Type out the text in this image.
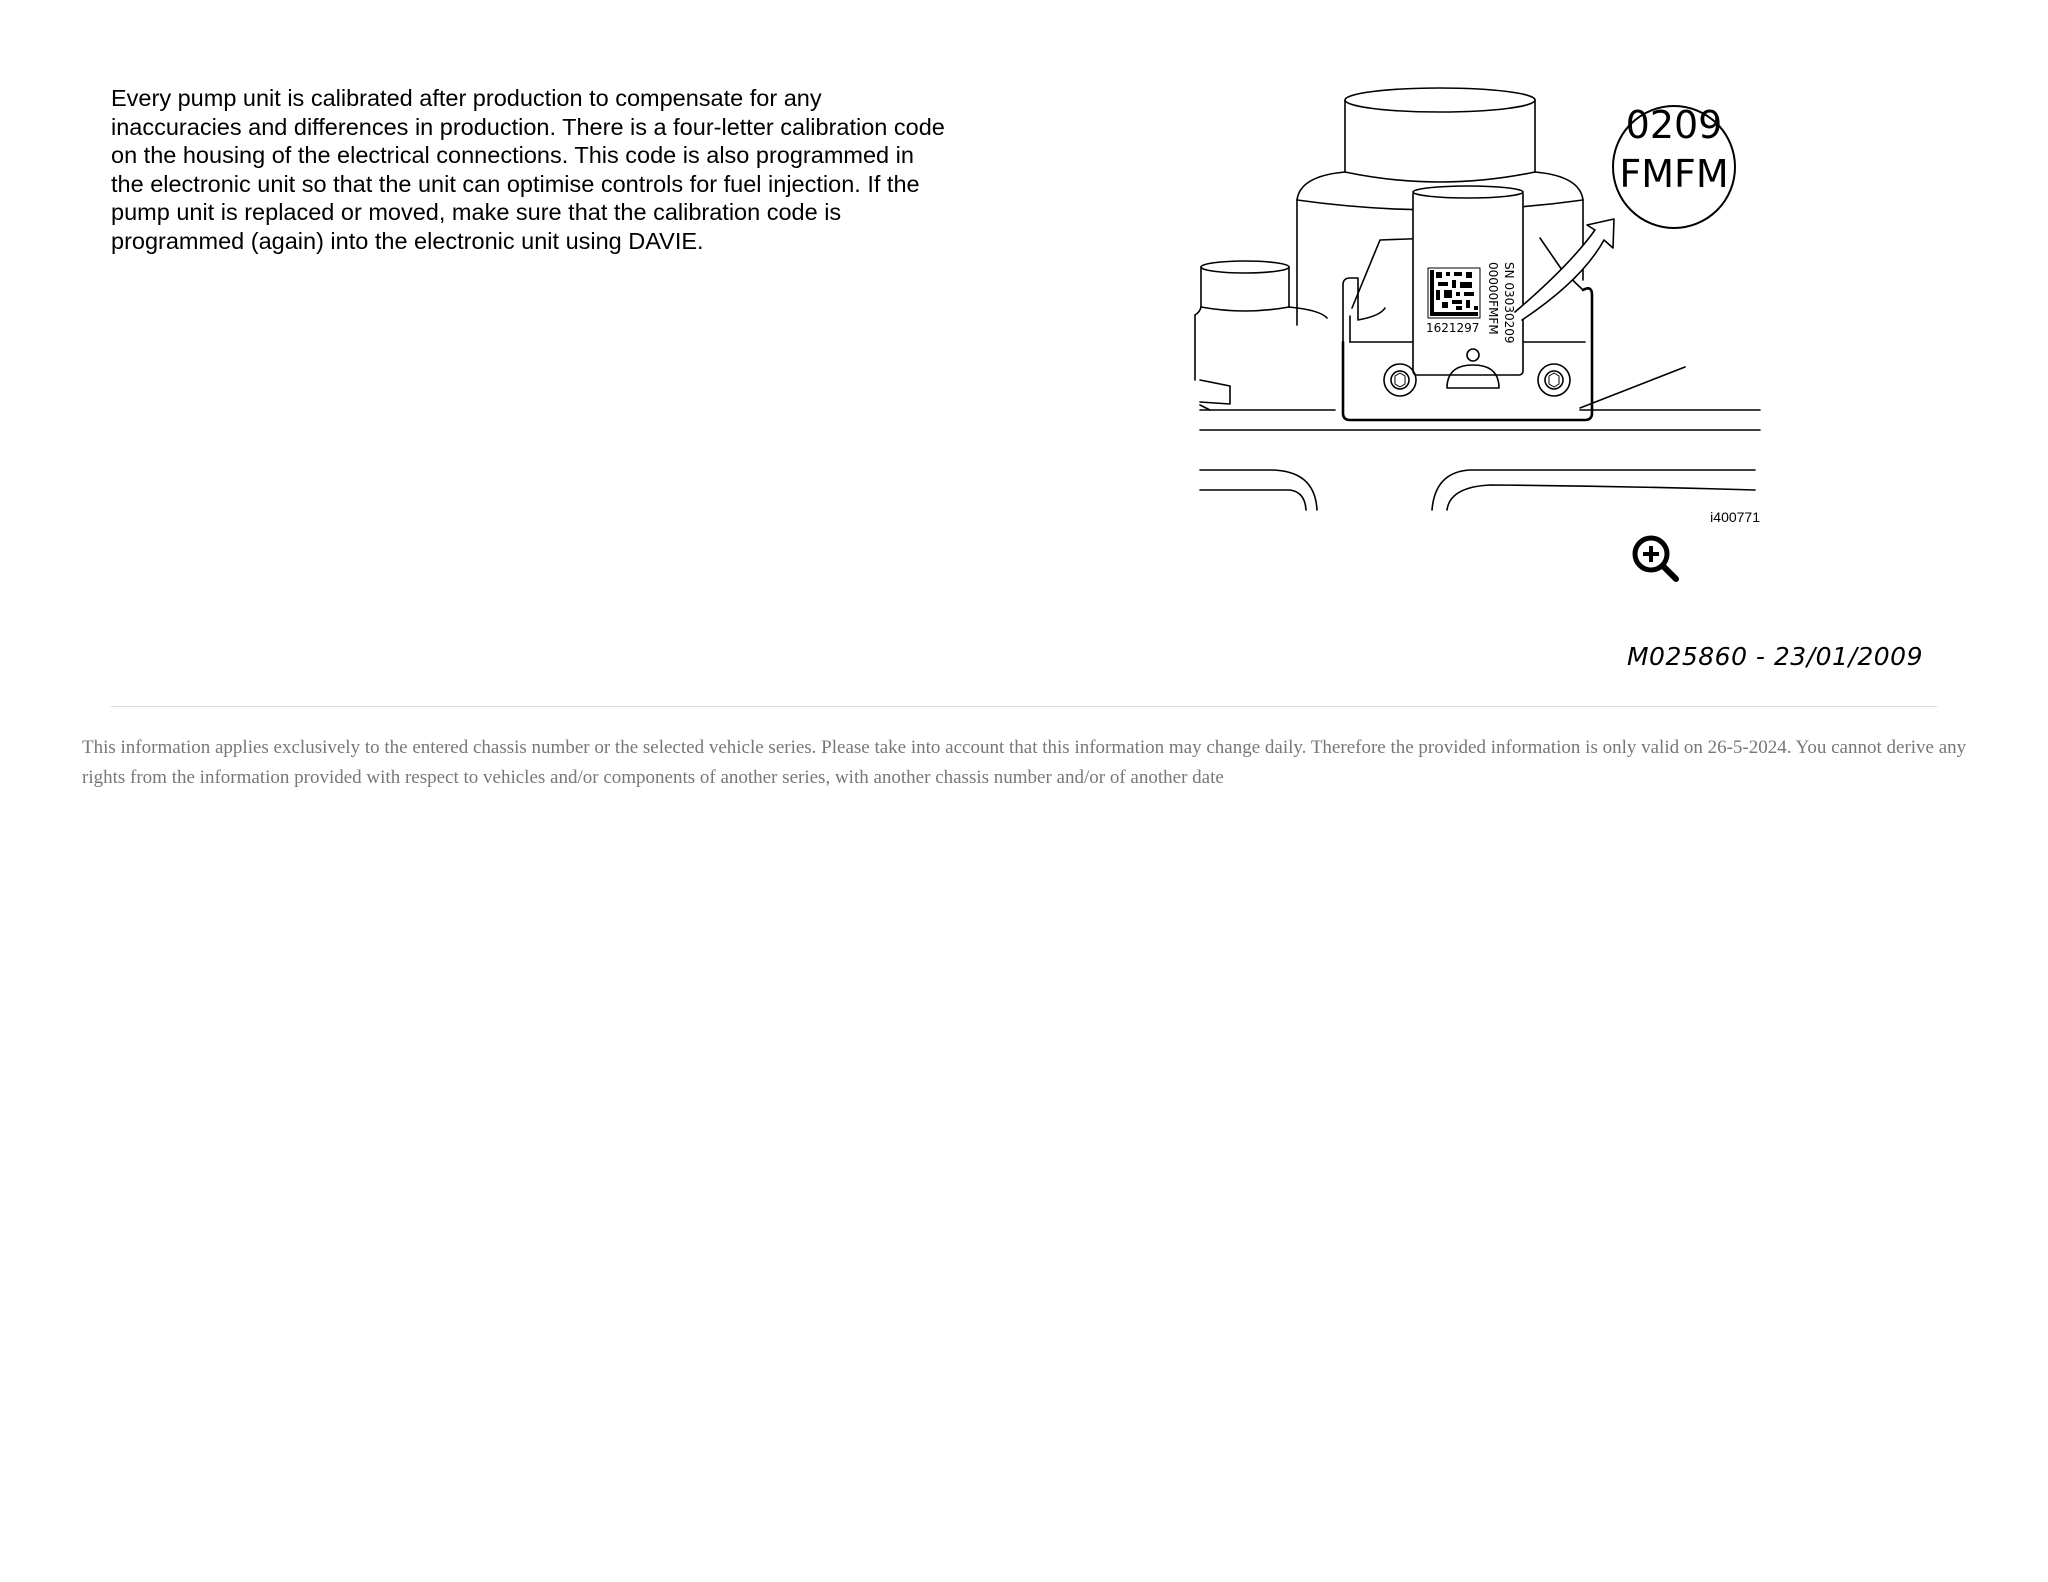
Every pump unit is calibrated after production to compensate for any
inaccuracies and differences in production. There is a four-letter calibration code
on the housing of the electrical connections. This code is also programmed in
the electronic unit so that the unit can optimise controls for fuel injection. If the
pump unit is replaced or moved, make sure that the calibration code is
programmed (again) into the electronic unit using DAVIE.
0209
FMFM
SN 03030209
00000FMFM
1621297
i400771
M025860 - 23/01/2009
This information applies exclusively to the entered chassis number or the selected vehicle series. Please take into account that this information may change daily. Therefore the provided information is only valid on 26-5-2024. You cannot derive any rights from the information provided with respect to vehicles and/or components of another series, with another chassis number and/or of another date
